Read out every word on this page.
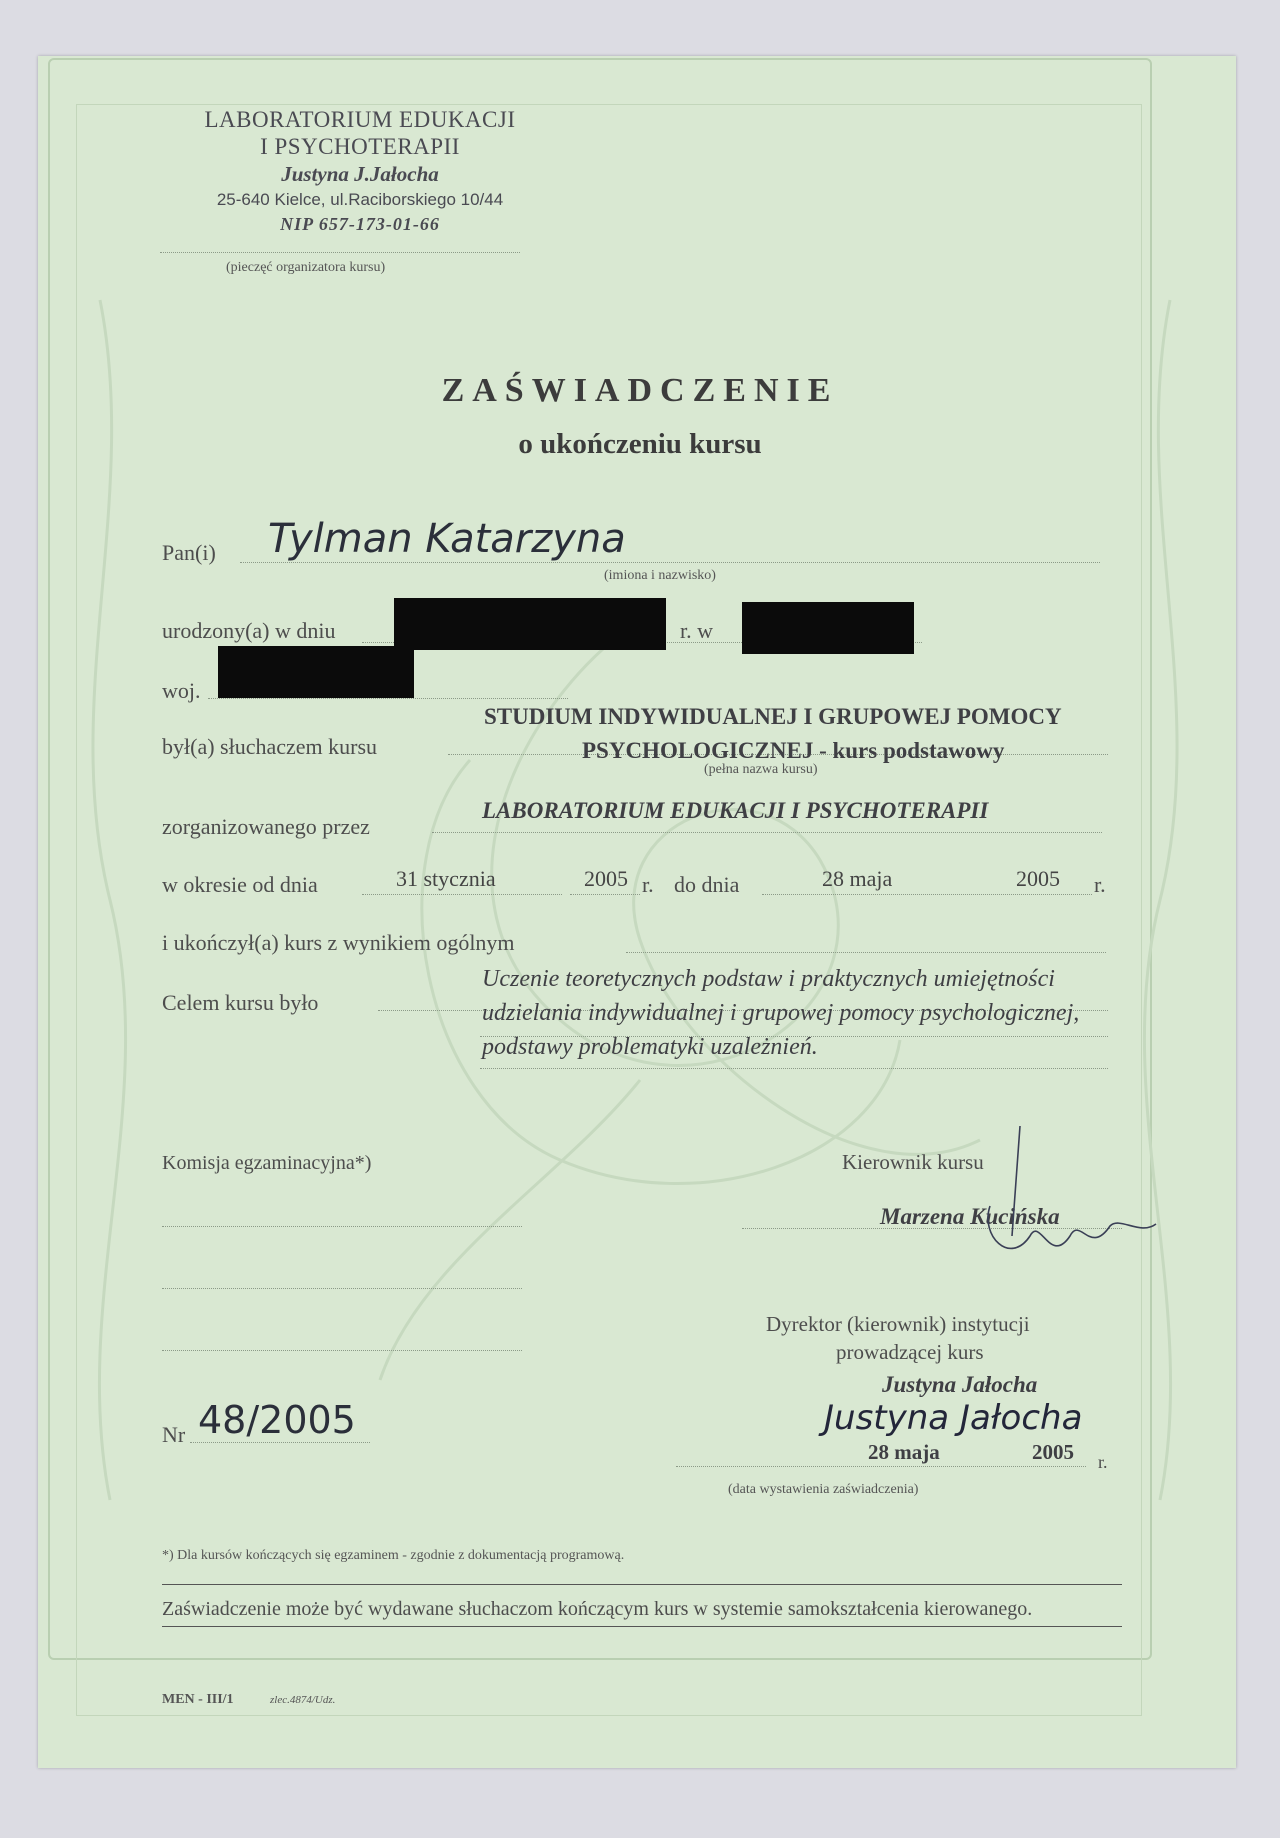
LABORATORIUM EDUKACJI
I PSYCHOTERAPII
Justyna J.Jałocha
25-640 Kielce, ul.Raciborskiego 10/44
NIP 657-173-01-66
(pieczęć organizatora kursu)
ZAŚWIADCZENIE
o ukończeniu kursu
Pan(i) Tylman Katarzyna
(imiona i nazwisko)
urodzony(a) w dniu	r. w
woj.
był(a) słuchaczem kursu
STUDIUM INDYWIDUALNEJ I GRUPOWEJ POMOCY
PSYCHOLOGICZNEJ - kurs podstawowy
(pełna nazwa kursu)
zorganizowanego przez
LABORATORIUM EDUKACJI I PSYCHOTERAPII
w okresie od dnia	31 stycznia	2005 r. do dnia	28 maja	2005 r.
i ukończył(a) kurs z wynikiem ogólnym
Celem kursu było
Uczenie teoretycznych podstaw i praktycznych umiejętności
udzielania indywidualnej i grupowej pomocy psychologicznej,
podstawy problematyki uzależnień.
Komisja egzaminacyjna*)	Kierownik kursu
Marzena Kucińska
Dyrektor (kierownik) instytucji
prowadzącej kurs
Justyna Jałocha
Justyna Jałocha
Nr 48/2005
28 maja	2005 r.
(data wystawienia zaświadczenia)
*) Dla kursów kończących się egzaminem - zgodnie z dokumentacją programową.
Zaświadczenie może być wydawane słuchaczom kończącym kurs w systemie samokształcenia kierowanego.
MEN - III/1	zlec.4874/Udz.
